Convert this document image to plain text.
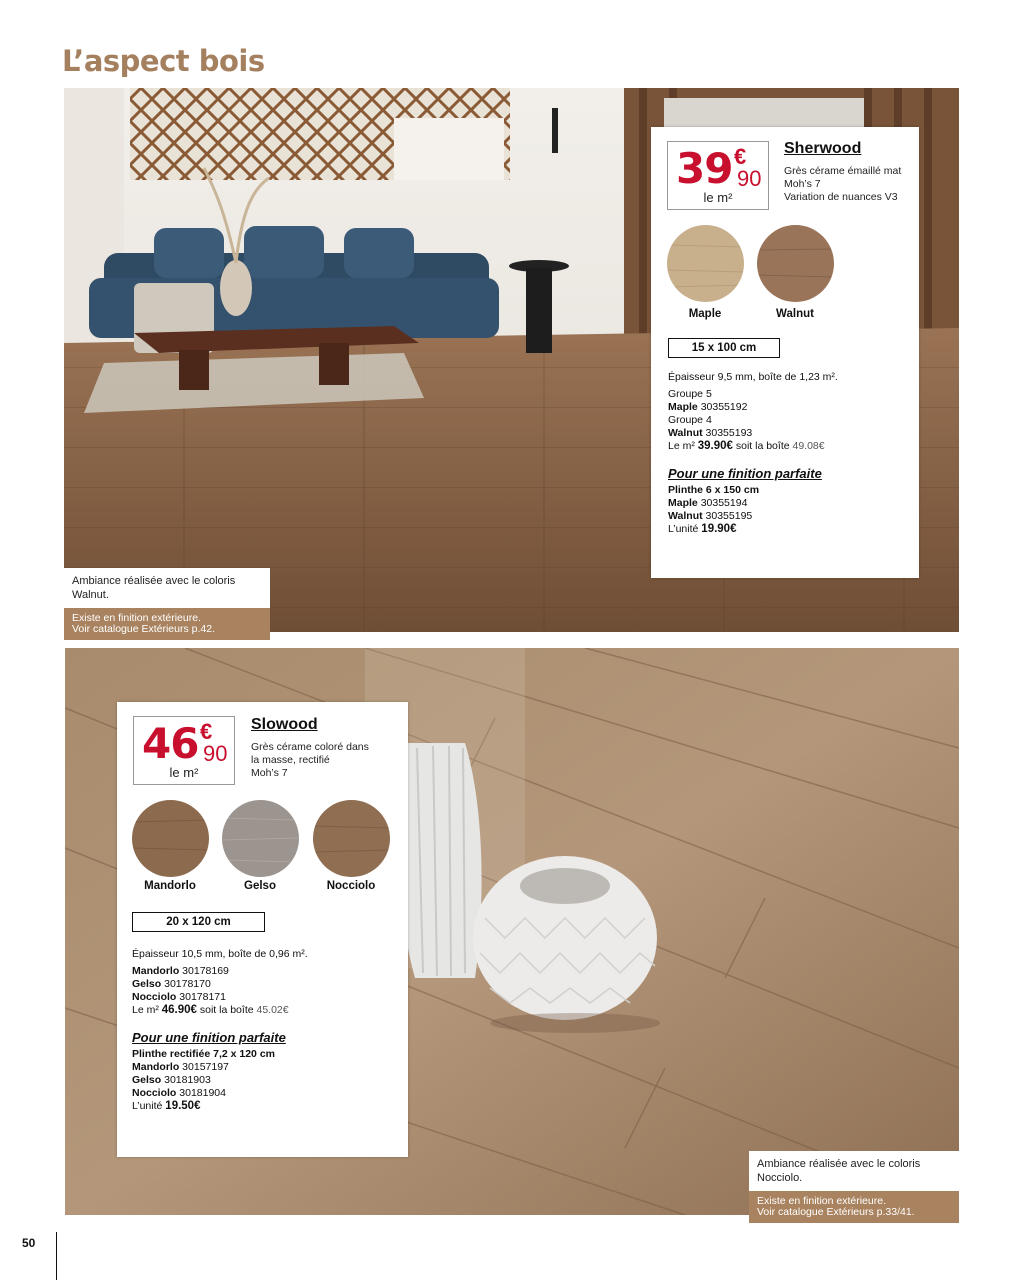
L’aspect bois
Ambiance réalisée avec le coloris Walnut.
Existe en finition extérieure.
Voir catalogue Extérieurs p.42.
39 €
90
le m²
Sherwood
Grès cérame émaillé mat
Moh’s 7
Variation de nuances V3
Maple	Walnut
15 x 100 cm
Épaisseur 9,5 mm, boîte de 1,23 m².
Groupe 5
Maple 30355192
Groupe 4
Walnut 30355193
Le m² 39.90€ soit la boîte 49.08€
Pour une finition parfaite
Plinthe 6 x 150 cm
Maple 30355194
Walnut 30355195
L’unité 19.90€
46 €
90
le m²
Slowood
Grès cérame coloré dans
la masse, rectifié
Moh’s 7
Mandorlo	Gelso	Nocciolo
20 x 120 cm
Épaisseur 10,5 mm, boîte de 0,96 m².
Mandorlo 30178169
Gelso 30178170
Nocciolo 30178171
Le m² 46.90€ soit la boîte 45.02€
Pour une finition parfaite
Plinthe rectifiée 7,2 x 120 cm
Mandorlo 30157197
Gelso 30181903
Nocciolo 30181904
L’unité 19.50€
Ambiance réalisée avec le coloris Nocciolo.
Existe en finition extérieure.
Voir catalogue Extérieurs p.33/41.
50
